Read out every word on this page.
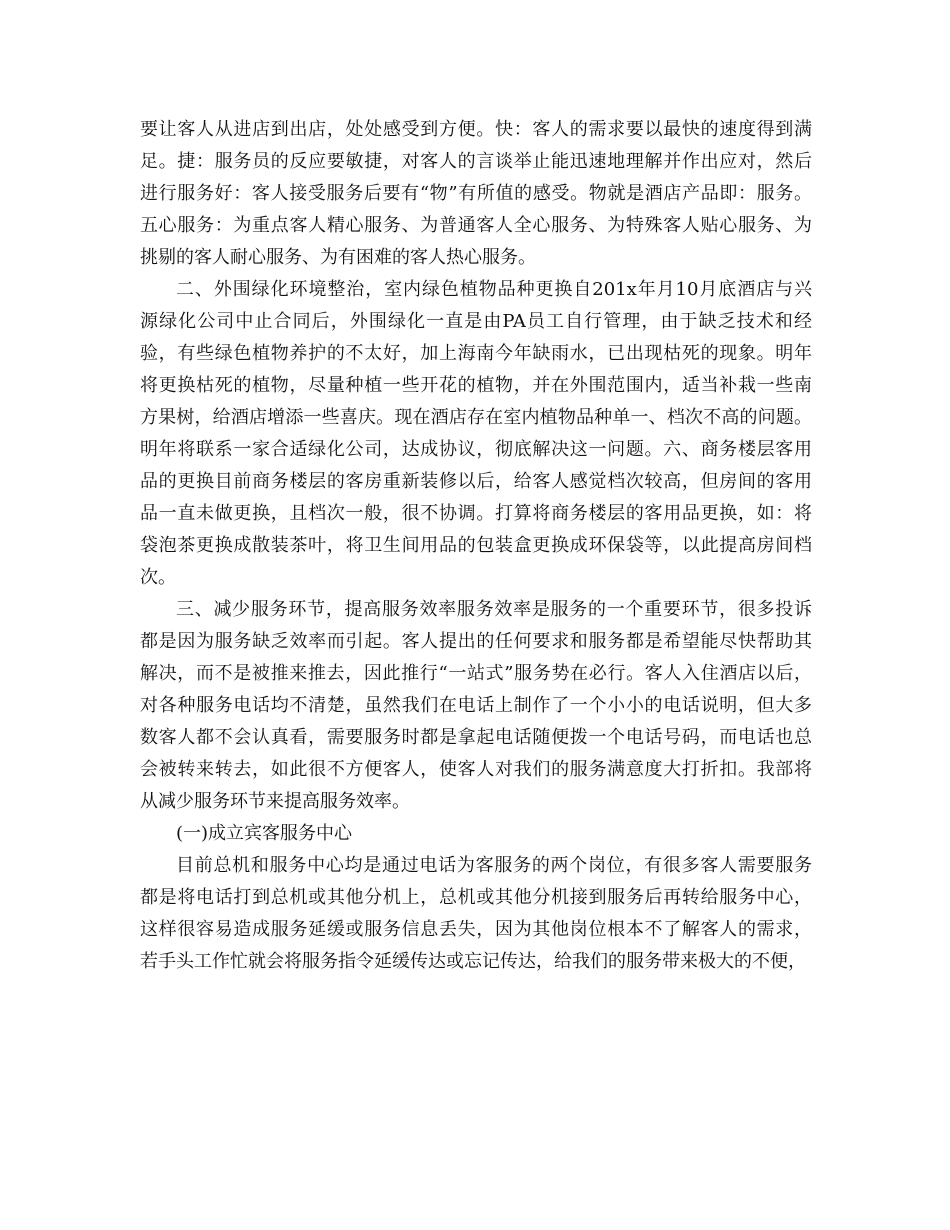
要让客人从进店到出店，处处感受到方便。快：客人的需求要以最快的速度得到满
足。捷：服务员的反应要敏捷，对客人的言谈举止能迅速地理解并作出应对，然后
进行服务好：客人接受服务后要有“物”有所值的感受。物就是酒店产品即：服务。
五心服务：为重点客人精心服务、为普通客人全心服务、为特殊客人贴心服务、为
挑剔的客人耐心服务、为有困难的客人热心服务。
二、外围绿化环境整治，室内绿色植物品种更换自201x年月10月底酒店与兴
源绿化公司中止合同后，外围绿化一直是由PA员工自行管理，由于缺乏技术和经
验，有些绿色植物养护的不太好，加上海南今年缺雨水，已出现枯死的现象。明年
将更换枯死的植物，尽量种植一些开花的植物，并在外围范围内，适当补栽一些南
方果树，给酒店增添一些喜庆。现在酒店存在室内植物品种单一、档次不高的问题。
明年将联系一家合适绿化公司，达成协议，彻底解决这一问题。六、商务楼层客用
品的更换目前商务楼层的客房重新装修以后，给客人感觉档次较高，但房间的客用
品一直未做更换，且档次一般，很不协调。打算将商务楼层的客用品更换，如：将
袋泡茶更换成散装茶叶，将卫生间用品的包装盒更换成环保袋等，以此提高房间档
次。
三、减少服务环节，提高服务效率服务效率是服务的一个重要环节，很多投诉
都是因为服务缺乏效率而引起。客人提出的任何要求和服务都是希望能尽快帮助其
解决，而不是被推来推去，因此推行“一站式”服务势在必行。客人入住酒店以后，
对各种服务电话均不清楚，虽然我们在电话上制作了一个小小的电话说明，但大多
数客人都不会认真看，需要服务时都是拿起电话随便拨一个电话号码，而电话也总
会被转来转去，如此很不方便客人，使客人对我们的服务满意度大打折扣。我部将
从减少服务环节来提高服务效率。
(一)成立宾客服务中心
目前总机和服务中心均是通过电话为客服务的两个岗位，有很多客人需要服务
都是将电话打到总机或其他分机上，总机或其他分机接到服务后再转给服务中心，
这样很容易造成服务延缓或服务信息丢失，因为其他岗位根本不了解客人的需求，
若手头工作忙就会将服务指令延缓传达或忘记传达，给我们的服务带来极大的不便，
